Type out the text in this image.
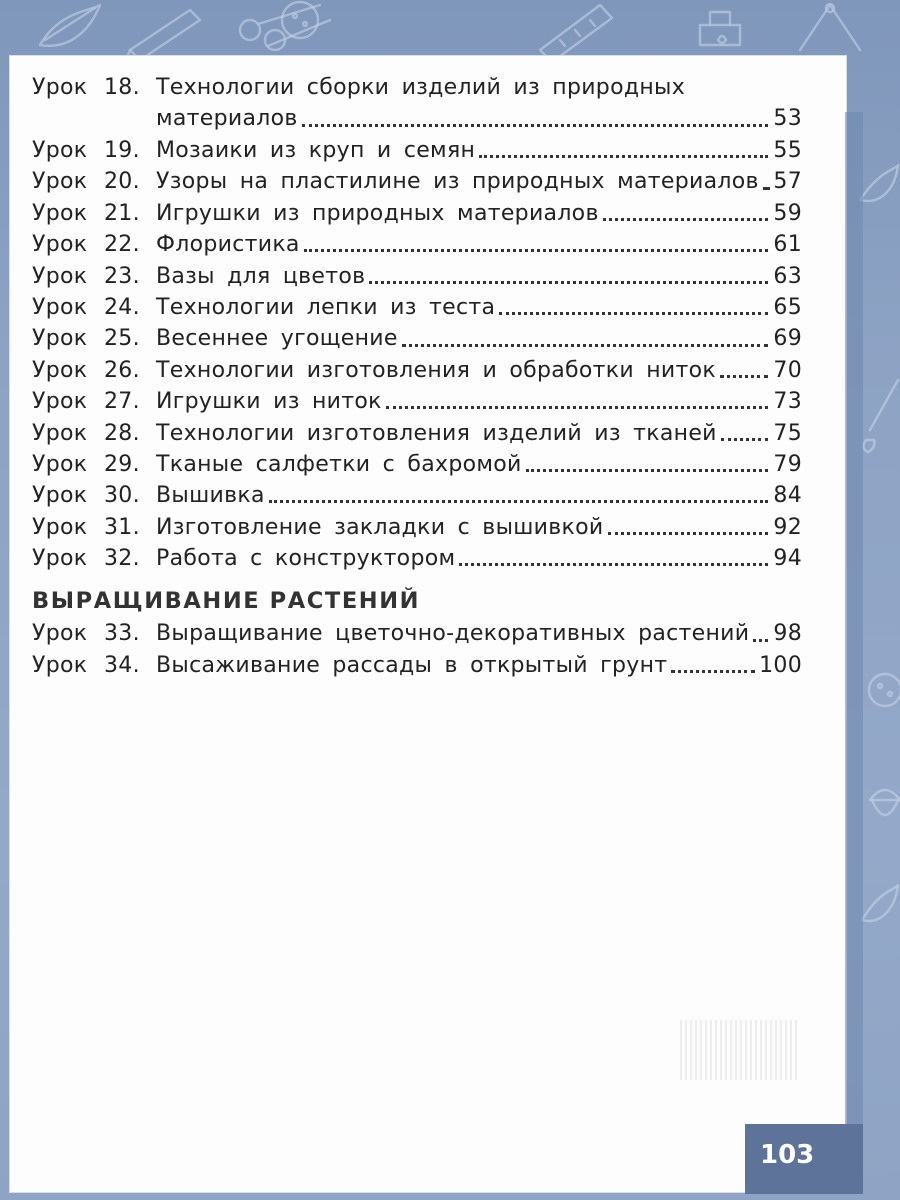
Урок 18. Технологии сборки изделий из природных
материалов	53
Урок 19. Мозаики из круп и семян	55
Урок 20. Узоры на пластилине из природных материалов 57
Урок 21. Игрушки из природных материалов	59
Урок 22. Флористика	61
Урок 23. Вазы для цветов	63
Урок 24. Технологии лепки из теста	65
Урок 25. Весеннее угощение	69
Урок 26. Технологии изготовления и обработки ниток	70
Урок 27. Игрушки из ниток	73
Урок 28. Технологии изготовления изделий из тканей	75
Урок 29. Тканые салфетки с бахромой	79
Урок 30. Вышивка	84
Урок 31. Изготовление закладки с вышивкой	92
Урок 32. Работа с конструктором	94
ВЫРАЩИВАНИЕ РАСТЕНИЙ
Урок 33. Выращивание цветочно-декоративных растений 98
Урок 34. Высаживание рассады в открытый грунт	100
103
